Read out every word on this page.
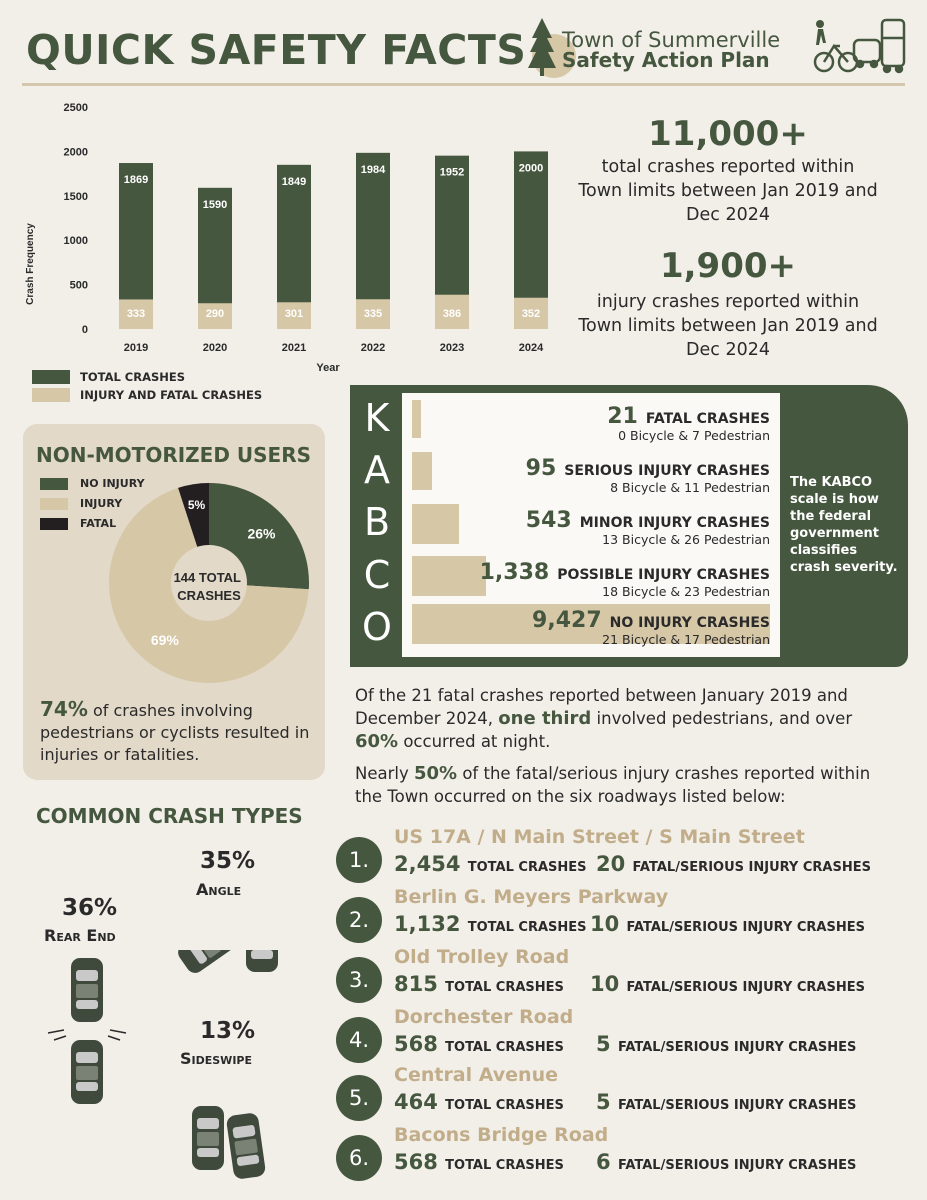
QUICK SAFETY FACTS Town of Summerville
Safety Action Plan
0
500
1000
1500
2000
2500
1869
333
2019
1590
290
2020
1849
301
2021
1984
335
2022
1952
386
2023
2000
352
2024
Crash Frequency
Year
TOTAL CRASHES
INJURY AND FATAL CRASHES
11,000+
total crashes reported within Town limits between Jan 2019 and Dec 2024
1,900+
injury crashes reported within Town limits between Jan 2019 and Dec 2024
NON-MOTORIZED USERS
NO INJURY
INJURY
FATAL
144 TOTAL CRASHES
26%
69%
5%
74% of crashes involving pedestrians or cyclists resulted in injuries or fatalities.
K
A
B
C
O
21 FATAL CRASHES
0 Bicycle & 7 Pedestrian
95 SERIOUS INJURY CRASHES
8 Bicycle & 11 Pedestrian
543 MINOR INJURY CRASHES
13 Bicycle & 26 Pedestrian
1,338 POSSIBLE INJURY CRASHES
18 Bicycle & 23 Pedestrian
9,427 NO INJURY CRASHES
21 Bicycle & 17 Pedestrian
The KABCO scale is how the federal government classifies crash severity.
Of the 21 fatal crashes reported between January 2019 and December 2024, one third involved pedestrians, and over 60% occurred at night.
Nearly 50% of the fatal/serious injury crashes reported within the Town occurred on the six roadways listed below:
COMMON CRASH TYPES
36%
Rear End
35%
Angle
13%
Sideswipe
1.
US 17A / N Main Street / S Main Street
2,454 TOTAL CRASHES 20 FATAL/SERIOUS INJURY CRASHES
2.
Berlin G. Meyers Parkway
1,132 TOTAL CRASHES 10 FATAL/SERIOUS INJURY CRASHES
3.
Old Trolley Road
815 TOTAL CRASHES 10 FATAL/SERIOUS INJURY CRASHES
4.
Dorchester Road
568 TOTAL CRASHES 5 FATAL/SERIOUS INJURY CRASHES
5.
Central Avenue
464 TOTAL CRASHES 5 FATAL/SERIOUS INJURY CRASHES
6.
Bacons Bridge Road
568 TOTAL CRASHES 6 FATAL/SERIOUS INJURY CRASHES
